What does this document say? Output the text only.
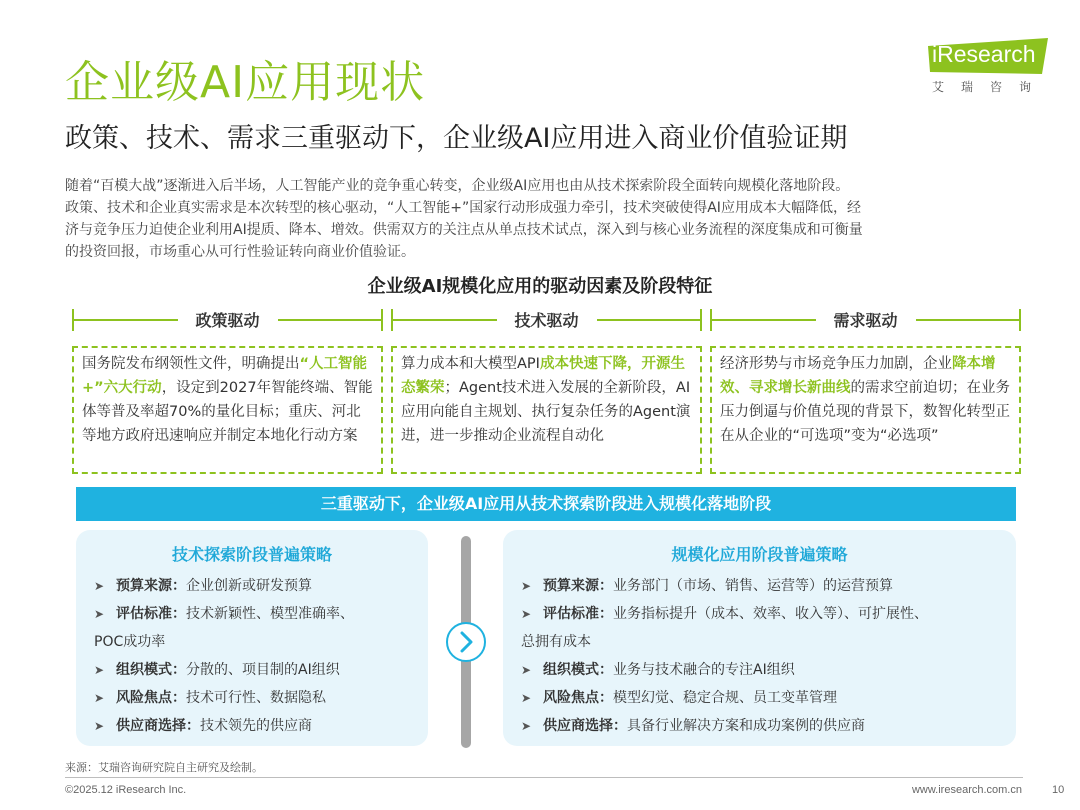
企业级AI应用现状
iResearch
艾瑞咨询
政策、技术、需求三重驱动下，企业级AI应用进入商业价值验证期
随着“百模大战”逐渐进入后半场，人工智能产业的竞争重心转变，企业级AI应用也由从技术探索阶段全面转向规模化落地阶段。
政策、技术和企业真实需求是本次转型的核心驱动，“人工智能+”国家行动形成强力牵引，技术突破使得AI应用成本大幅降低，经
济与竞争压力迫使企业利用AI提质、降本、增效。供需双方的关注点从单点技术试点，深入到与核心业务流程的深度集成和可衡量
的投资回报，市场重心从可行性验证转向商业价值验证。
企业级AI规模化应用的驱动因素及阶段特征
政策驱动	技术驱动	需求驱动
国务院发布纲领性文件，明确提出“人工智能+”六大行动，设定到2027年智能终端、智能体等普及率超70%的量化目标；重庆、河北等地方政府迅速响应并制定本地化行动方案
算力成本和大模型API成本快速下降，开源生态繁荣；Agent技术进入发展的全新阶段，AI应用向能自主规划、执行复杂任务的Agent演进，进一步推动企业流程自动化
经济形势与市场竞争压力加剧，企业降本增效、寻求增长新曲线的需求空前迫切；在业务压力倒逼与价值兑现的背景下，数智化转型正在从企业的“可选项”变为“必选项”
三重驱动下，企业级AI应用从技术探索阶段进入规模化落地阶段
技术探索阶段普遍策略
➤ 预算来源：企业创新或研发预算
➤ 评估标准：技术新颖性、模型准确率、
POC成功率
➤ 组织模式：分散的、项目制的AI组织
➤ 风险焦点：技术可行性、数据隐私
➤ 供应商选择：技术领先的供应商
规模化应用阶段普遍策略
➤ 预算来源：业务部门（市场、销售、运营等）的运营预算
➤ 评估标准：业务指标提升（成本、效率、收入等）、可扩展性、
总拥有成本
➤ 组织模式：业务与技术融合的专注AI组织
➤ 风险焦点：模型幻觉、稳定合规、员工变革管理
➤ 供应商选择：具备行业解决方案和成功案例的供应商
来源：艾瑞咨询研究院自主研究及绘制。
©2025.12 iResearch Inc.	www.iresearch.com.cn	10
